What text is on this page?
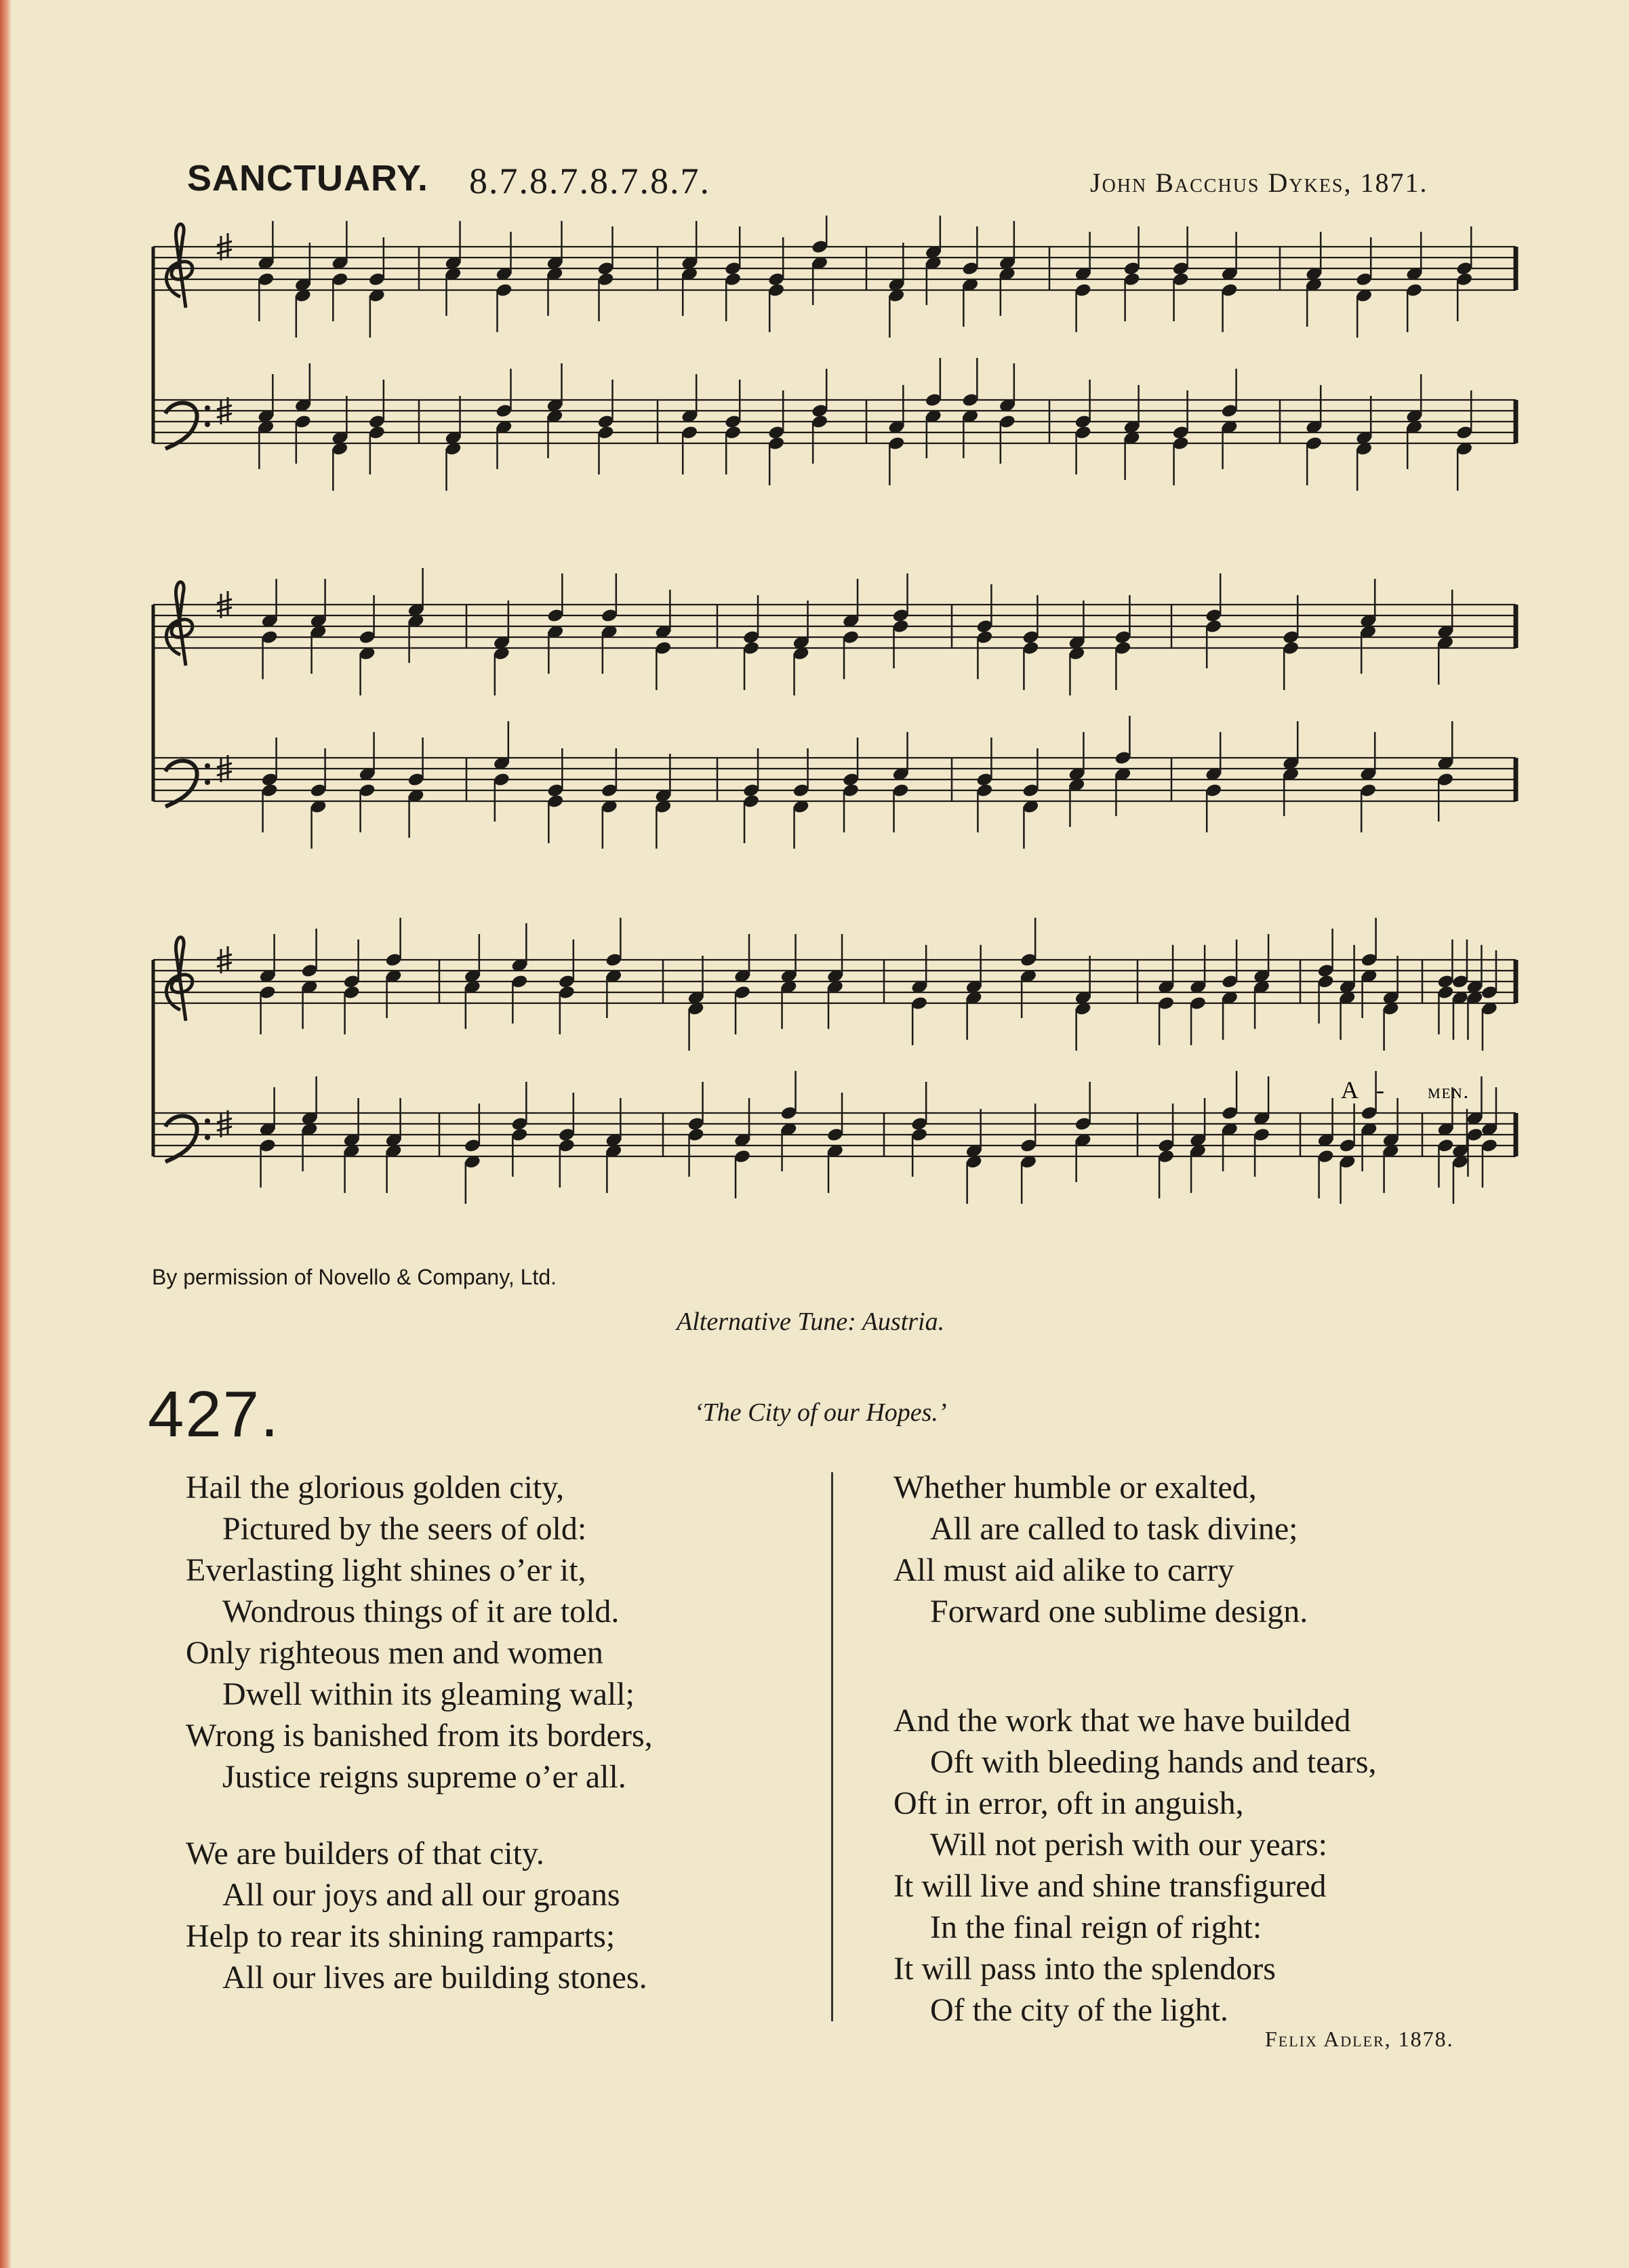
SANCTUARY. 8.7.8.7.8.7.8.7.	John Bacchus Dykes, 1871.
A - men.
By permission of Novello & Company, Ltd.
Alternative Tune: Austria.
427.	‘The City of our Hopes.’
Hail the glorious golden city,
Pictured by the seers of old:
Everlasting light shines o’er it,
Wondrous things of it are told.
Only righteous men and women
Dwell within its gleaming wall;
Wrong is banished from its borders,
Justice reigns supreme o’er all.
We are builders of that city.
All our joys and all our groans
Help to rear its shining ramparts;
All our lives are building stones.
Whether humble or exalted,
All are called to task divine;
All must aid alike to carry
Forward one sublime design.
And the work that we have builded
Oft with bleeding hands and tears,
Oft in error, oft in anguish,
Will not perish with our years:
It will live and shine transfigured
In the final reign of right:
It will pass into the splendors
Of the city of the light.
Felix Adler, 1878.
